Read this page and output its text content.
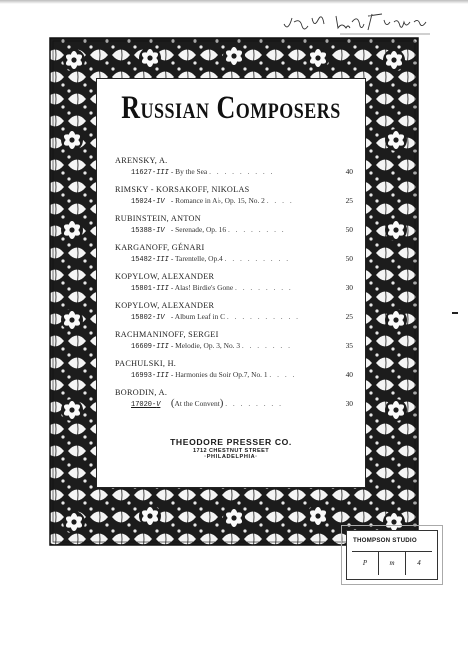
Russian Composers
ARENSKY, A.
11627-III - By the Sea . . . . . . . . .	40
RIMSKY - KORSAKOFF, NIKOLAS
15024-IV - Romance in A♭, Op. 15, No. 2 . . . .	25
RUBINSTEIN, ANTON
15388-IV - Serenade, Op. 16 . . . . . . . .	50
KARGANOFF, GÉNARI
15482-III - Tarentelle, Op.4 . . . . . . . . .	50
KOPYLOW, ALEXANDER
15801-III - Alas! Birdie's Gone . . . . . . . .	30
KOPYLOW, ALEXANDER
15802-IV - Album Leaf in C . . . . . . . . . .	25
RACHMANINOFF, SERGEI
16609-III - Melodie, Op. 3, No. 3 . . . . . . .	35
PACHULSKI, H.
16993-III - Harmonies du Soir Op.7, No. 1 . . . .	40
BORODIN, A.
17020-V (At the Convent) . . . . . . . .	30
THEODORE PRESSER CO.
1712 CHESTNUT STREET
·PHILADELPHIA·
THOMPSON STUDIO
P	m	4
